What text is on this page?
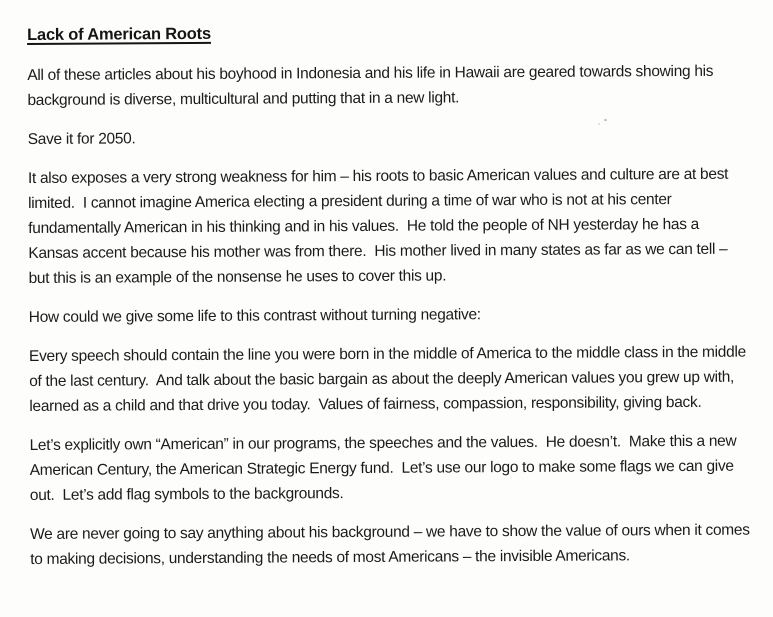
Lack of American Roots

All of these articles about his boyhood in Indonesia and his life in Hawaii are geared towards showing his background is diverse, multicultural and putting that in a new light.

Save it for 2050.

It also exposes a very strong weakness for him – his roots to basic American values and culture are at best limited.  I cannot imagine America electing a president during a time of war who is not at his center fundamentally American in his thinking and in his values.  He told the people of NH yesterday he has a Kansas accent because his mother was from there.  His mother lived in many states as far as we can tell – but this is an example of the nonsense he uses to cover this up.

How could we give some life to this contrast without turning negative:

Every speech should contain the line you were born in the middle of America to the middle class in the middle of the last century.  And talk about the basic bargain as about the deeply American values you grew up with, learned as a child and that drive you today.  Values of fairness, compassion, responsibility, giving back.

Let’s explicitly own “American” in our programs, the speeches and the values.  He doesn’t.  Make this a new American Century, the American Strategic Energy fund.  Let’s use our logo to make some flags we can give out.  Let’s add flag symbols to the backgrounds.

We are never going to say anything about his background – we have to show the value of ours when it comes to making decisions, understanding the needs of most Americans – the invisible Americans.
